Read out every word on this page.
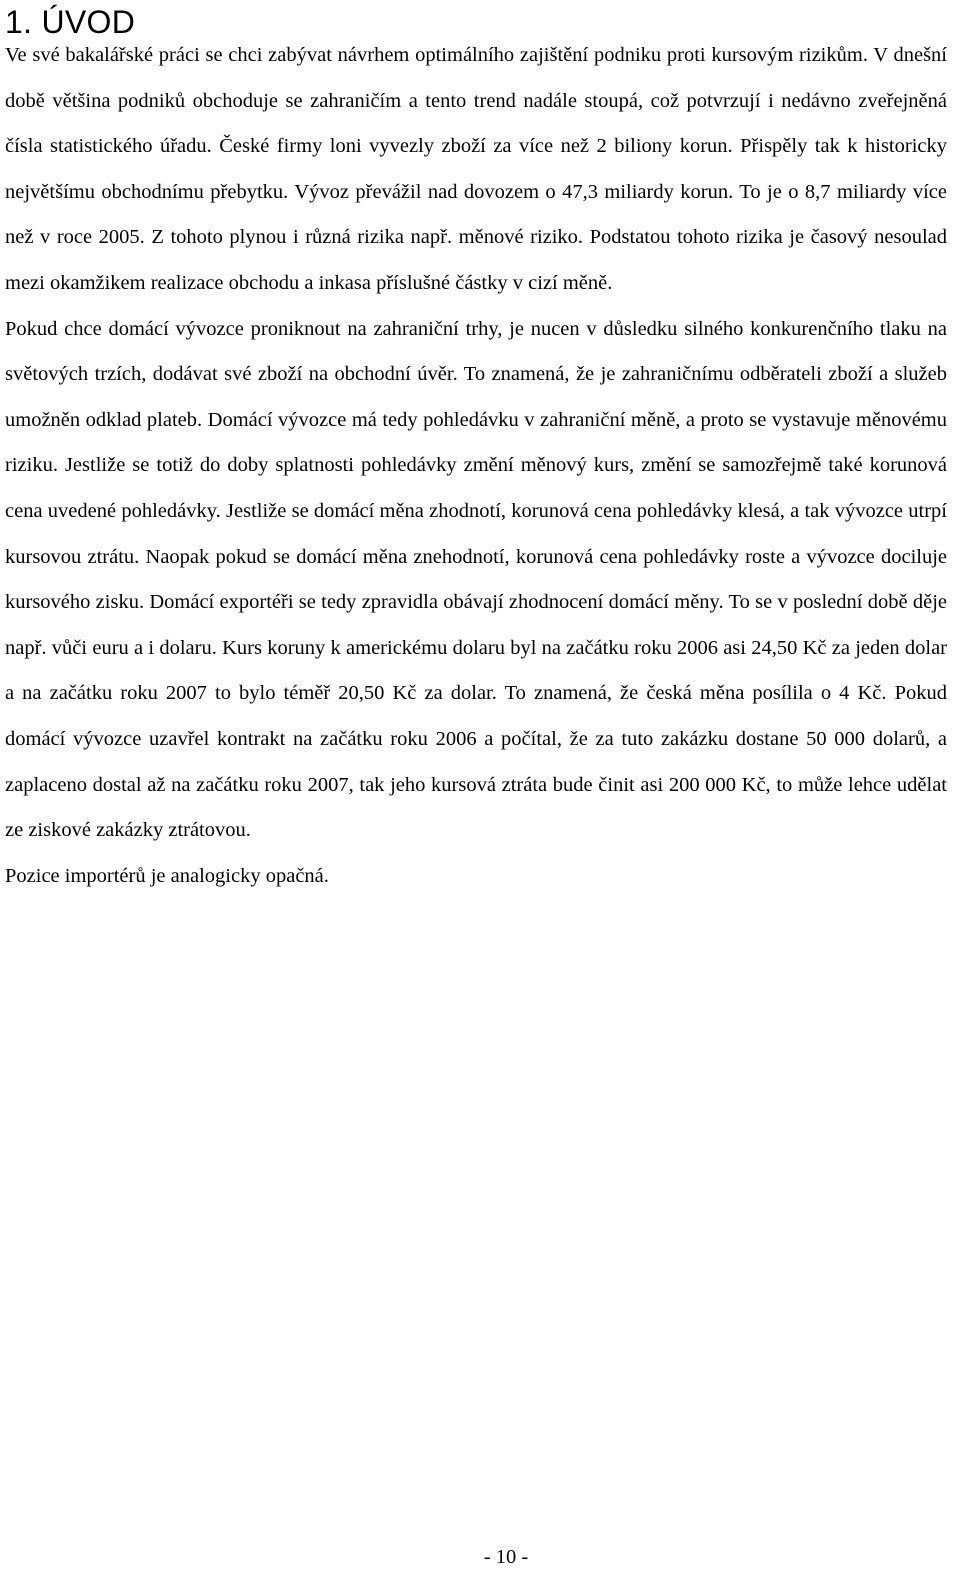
1. ÚVOD

Ve své bakalářské práci se chci zabývat návrhem optimálního zajištění podniku proti kursovým rizikům. V dnešní době většina podniků obchoduje se zahraničím a tento trend nadále stoupá, což potvrzují i nedávno zveřejněná čísla statistického úřadu. České firmy loni vyvezly zboží za více než 2 biliony korun. Přispěly tak k historicky největšímu obchodnímu přebytku. Vývoz převážil nad dovozem o 47,3 miliardy korun. To je o 8,7 miliardy více než v roce 2005. Z tohoto plynou i různá rizika např. měnové riziko. Podstatou tohoto rizika je časový nesoulad mezi okamžikem realizace obchodu a inkasa příslušné částky v cizí měně.

Pokud chce domácí vývozce proniknout na zahraniční trhy, je nucen v důsledku silného konkurenčního tlaku na světových trzích, dodávat své zboží na obchodní úvěr. To znamená, že je zahraničnímu odběrateli zboží a služeb umožněn odklad plateb. Domácí vývozce má tedy pohledávku v zahraniční měně, a proto se vystavuje měnovému riziku. Jestliže se totiž do doby splatnosti pohledávky změní měnový kurs, změní se samozřejmě také korunová cena uvedené pohledávky. Jestliže se domácí měna zhodnotí, korunová cena pohledávky klesá, a tak vývozce utrpí kursovou ztrátu. Naopak pokud se domácí měna znehodnotí, korunová cena pohledávky roste a vývozce dociluje kursového zisku. Domácí exportéři se tedy zpravidla obávají zhodnocení domácí měny. To se v poslední době děje např. vůči euru a i dolaru. Kurs koruny k americkému dolaru byl na začátku roku 2006 asi 24,50 Kč za jeden dolar a na začátku roku 2007 to bylo téměř 20,50 Kč za dolar. To znamená, že česká měna posílila o 4 Kč. Pokud domácí vývozce uzavřel kontrakt na začátku roku 2006 a počítal, že za tuto zakázku dostane 50 000 dolarů, a zaplaceno dostal až na začátku roku 2007, tak jeho kursová ztráta bude činit asi 200 000 Kč, to může lehce udělat ze ziskové zakázky ztrátovou.

Pozice importérů je analogicky opačná.

- 10 -
